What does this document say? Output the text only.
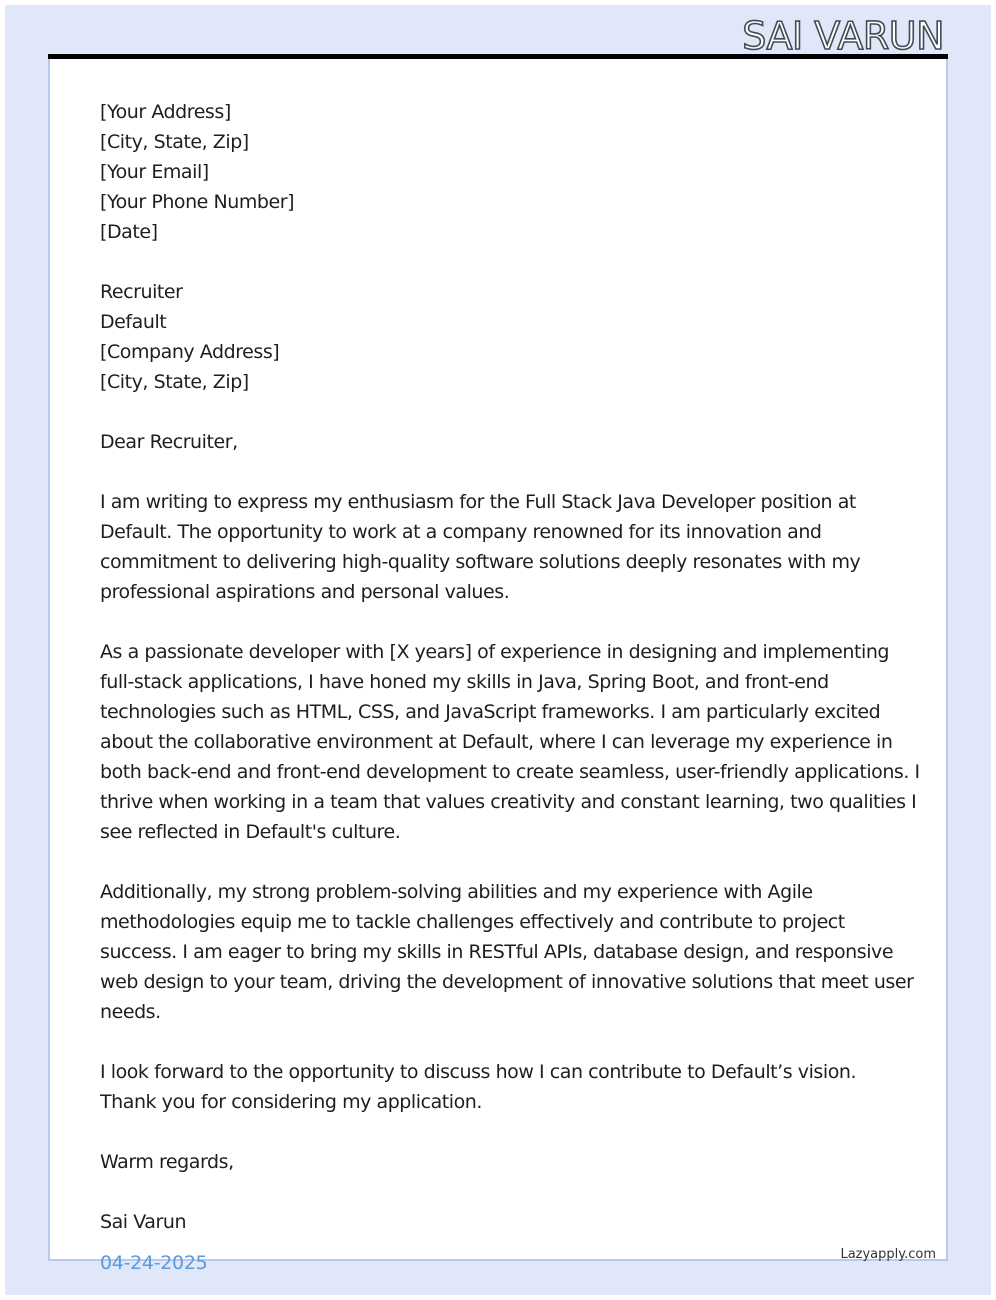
SAI VARUN
[Your Address]
[City, State, Zip]
[Your Email]
[Your Phone Number]
[Date]
Recruiter
Default
[Company Address]
[City, State, Zip]
Dear Recruiter,
I am writing to express my enthusiasm for the Full Stack Java Developer position at
Default. The opportunity to work at a company renowned for its innovation and
commitment to delivering high-quality software solutions deeply resonates with my
professional aspirations and personal values.
As a passionate developer with [X years] of experience in designing and implementing
full-stack applications, I have honed my skills in Java, Spring Boot, and front-end
technologies such as HTML, CSS, and JavaScript frameworks. I am particularly excited
about the collaborative environment at Default, where I can leverage my experience in
both back-end and front-end development to create seamless, user-friendly applications. I
thrive when working in a team that values creativity and constant learning, two qualities I
see reflected in Default's culture.
Additionally, my strong problem-solving abilities and my experience with Agile
methodologies equip me to tackle challenges effectively and contribute to project
success. I am eager to bring my skills in RESTful APIs, database design, and responsive
web design to your team, driving the development of innovative solutions that meet user
needs.
I look forward to the opportunity to discuss how I can contribute to Default’s vision.
Thank you for considering my application.
Warm regards,
Sai Varun
04-24-2025	Lazyapply.com
